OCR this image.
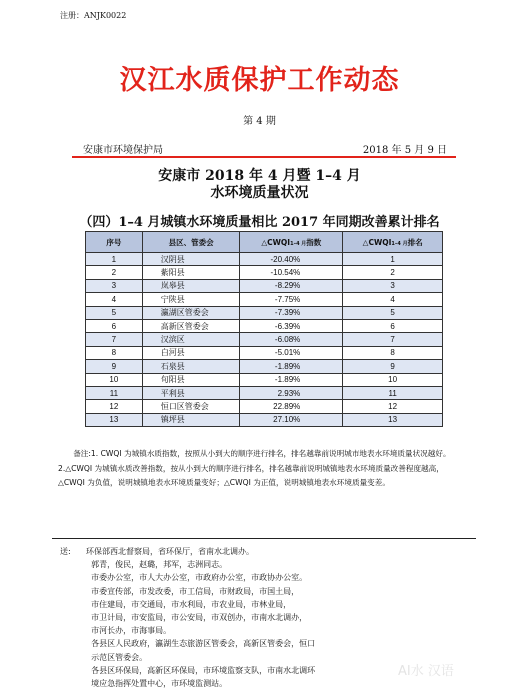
注册：ANJK0022
汉江水质保护工作动态
第 4 期
安康市环境保护局	2018 年 5 月 9 日
安康市 2018 年 4 月暨 1–4 月
水环境质量状况
（四）1–4 月城镇水环境质量相比 2017 年同期改善累计排名
序号	县区、管委会	△CWQI1–4 月指数	△CWQI1–4 月排名
1	汉阴县	-20.40%	1
2	紫阳县	-10.54%	2
3	岚皋县	-8.29%	3
4	宁陕县	-7.75%	4
5	瀛湖区管委会	-7.39%	5
6	高新区管委会	-6.39%	6
7	汉滨区	-6.08%	7
8	白河县	-5.01%	8
9	石泉县	-1.89%	9
10	旬阳县	-1.89%	10
11	平利县	2.93%	11
12	恒口区管委会	22.89%	12
13	镇坪县	27.10%	13
备注:1. CWQI 为城镇水质指数，按照从小到大的顺序进行排名，排名越靠前说明城市地表水环境质量状况越好。2.△CWQI 为城镇水质改善指数，按从小到大的顺序进行排名，排名越靠前说明城镇地表水环境质量改善程度越高，△CWQI 为负值，说明城镇地表水环境质量变好；△CWQI 为正值，说明城镇地表水环境质量变差。
送: 环保部西北督察局，省环保厅，省南水北调办。
郭青，俊民，赵璐，邦军，志洲同志。
市委办公室，市人大办公室，市政府办公室，市政协办公室。
市委宣传部，市发改委，市工信局，市财政局，市国土局，
市住建局，市交通局，市水利局，市农业局，市林业局，
市卫计局，市安监局，市公安局，市双创办，市南水北调办，
市河长办，市海事局。
各县区人民政府，瀛湖生态旅游区管委会，高新区管委会，恒口
示范区管委会。
各县区环保局，高新区环保局，市环境监察支队，市南水北调环
境应急指挥处置中心，市环境监测站。
AI水 汉语
